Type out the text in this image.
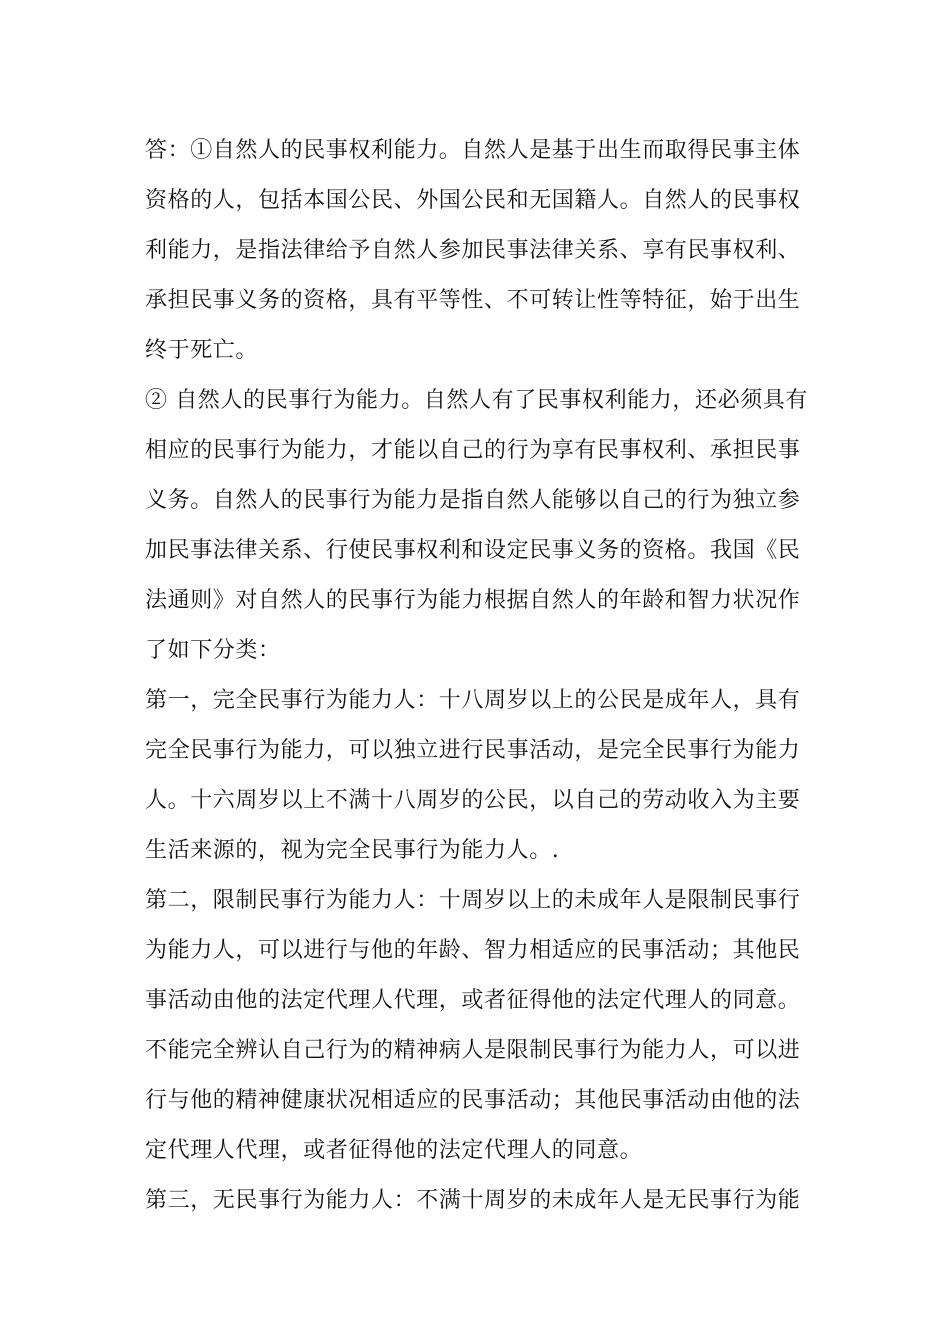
答：①自然人的民事权利能力。自然人是基于出生而取得民事主体
资格的人，包括本国公民、外国公民和无国籍人。自然人的民事权
利能力，是指法律给予自然人参加民事法律关系、享有民事权利、
承担民事义务的资格，具有平等性、不可转让性等特征，始于出生
终于死亡。
② 自然人的民事行为能力。自然人有了民事权利能力，还必须具有
相应的民事行为能力，才能以自己的行为享有民事权利、承担民事
义务。自然人的民事行为能力是指自然人能够以自己的行为独立参
加民事法律关系、行使民事权利和设定民事义务的资格。我国《民
法通则》对自然人的民事行为能力根据自然人的年龄和智力状况作
了如下分类：
第一，完全民事行为能力人：十八周岁以上的公民是成年人，具有
完全民事行为能力，可以独立进行民事活动，是完全民事行为能力
人。十六周岁以上不满十八周岁的公民，以自己的劳动收入为主要
生活来源的，视为完全民事行为能力人。.
第二，限制民事行为能力人：十周岁以上的未成年人是限制民事行
为能力人，可以进行与他的年龄、智力相适应的民事活动；其他民
事活动由他的法定代理人代理，或者征得他的法定代理人的同意。
不能完全辨认自己行为的精神病人是限制民事行为能力人，可以进
行与他的精神健康状况相适应的民事活动；其他民事活动由他的法
定代理人代理，或者征得他的法定代理人的同意。
第三，无民事行为能力人：不满十周岁的未成年人是无民事行为能
